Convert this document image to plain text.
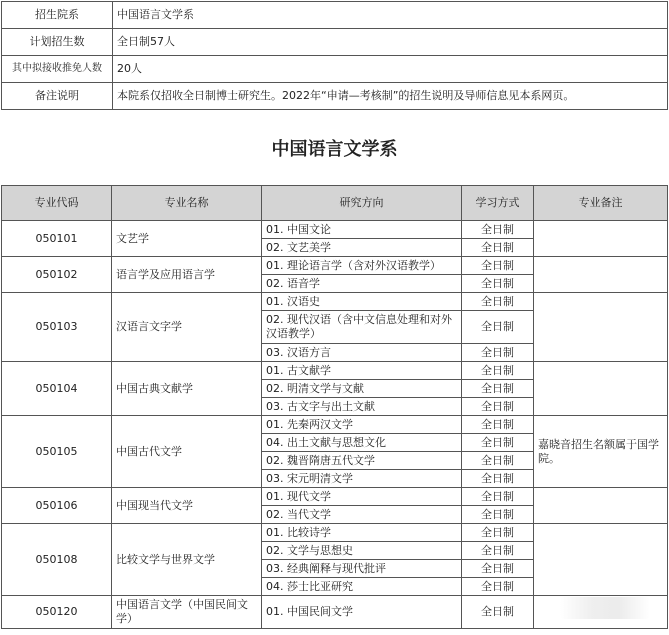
招生院系	中国语言文学系
计划招生数	全日制57人
其中拟接收推免人数	20人
备注说明	本院系仅招收全日制博士研究生。2022年“申请—考核制”的招生说明及导师信息见本系网页。
中国语言文学系
专业代码	专业名称	研究方向	学习方式	专业备注
050101	文艺学	01. 中国文论	全日制	
		02. 文艺美学	全日制	
050102	语言学及应用语言学	01. 理论语言学（含对外汉语教学）	全日制	
		02. 语音学	全日制	
050103	汉语言文字学	01. 汉语史	全日制	
		02. 现代汉语（含中文信息处理和对外汉语教学）	全日制	
		03. 汉语方言	全日制	
050104	中国古典文献学	01. 古文献学	全日制	
		02. 明清文学与文献	全日制	
		03. 古文字与出土文献	全日制	
050105	中国古代文学	01. 先秦两汉文学	全日制	嘉晓音招生名额属于国学院。
		04. 出土文献与思想文化	全日制	
		02. 魏晋隋唐五代文学	全日制	
		03. 宋元明清文学	全日制	
050106	中国现当代文学	01. 现代文学	全日制	
		02. 当代文学	全日制	
050108	比较文学与世界文学	01. 比较诗学	全日制	
		02. 文学与思想史	全日制	
		03. 经典阐释与现代批评	全日制	
		04. 莎士比亚研究	全日制	
050120	中国语言文学（中国民间文学）	01. 中国民间文学	全日制	
